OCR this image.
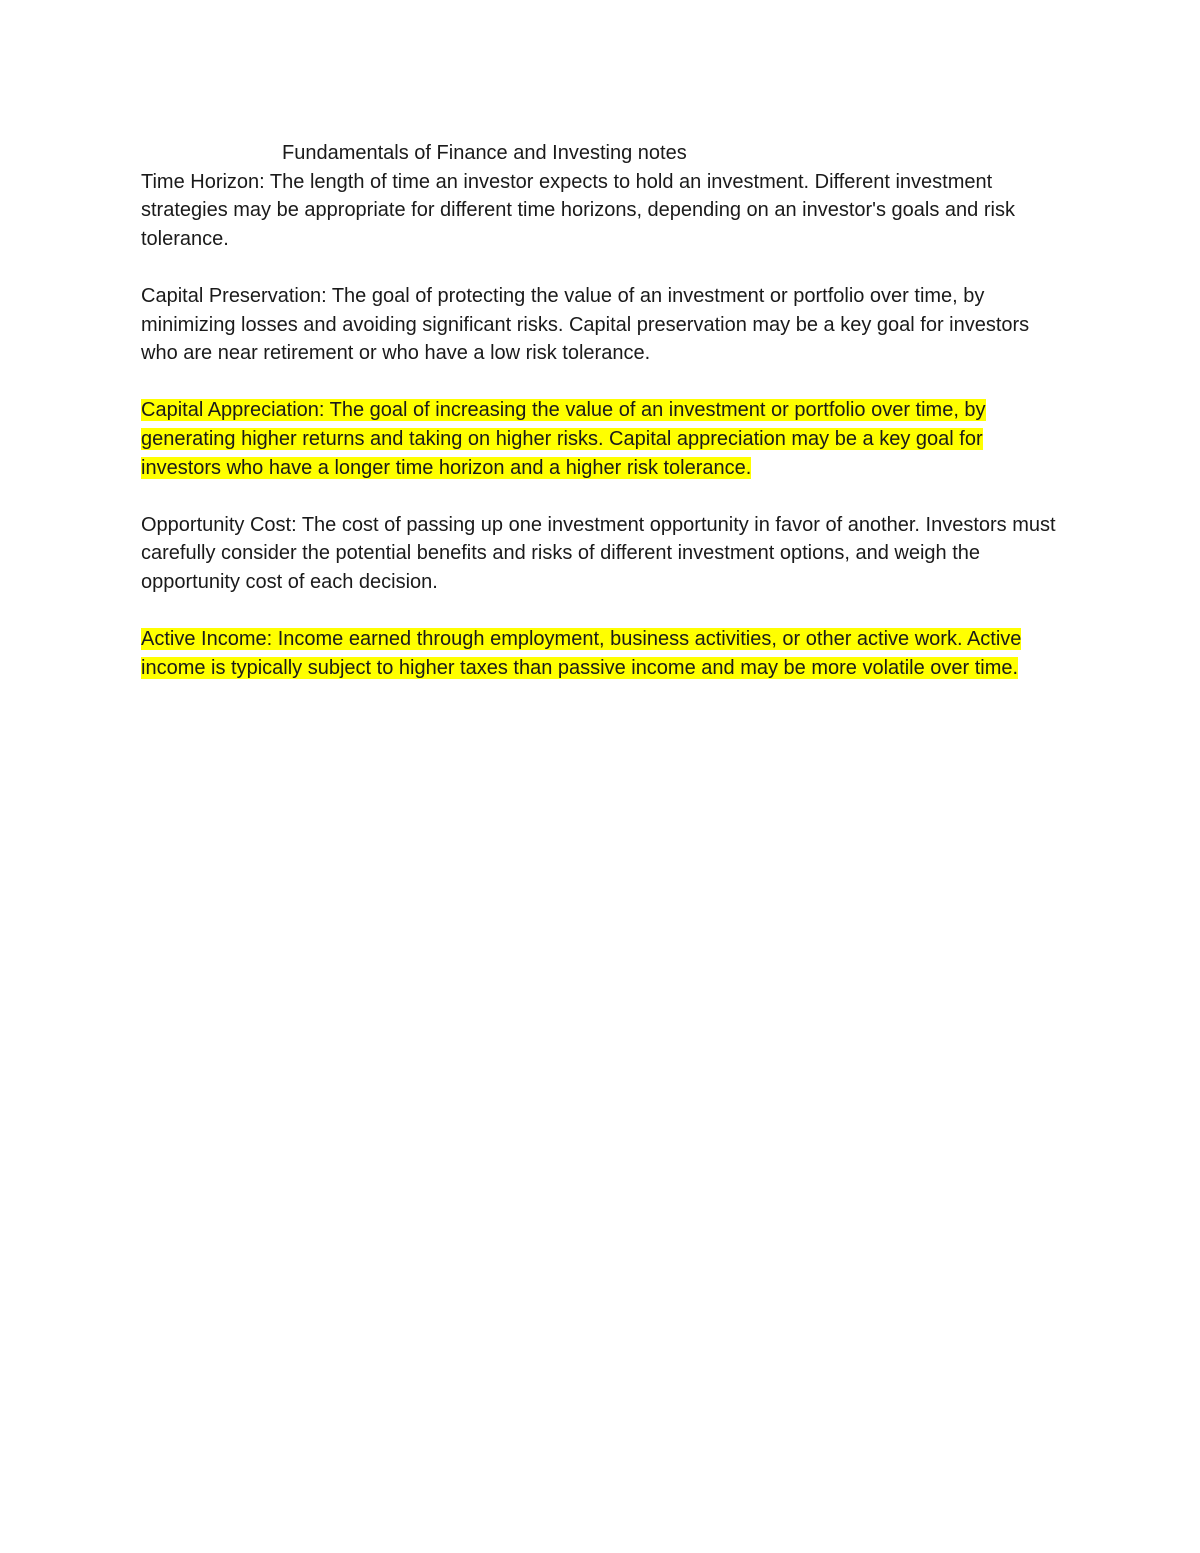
Fundamentals of Finance and Investing notes

Time Horizon: The length of time an investor expects to hold an investment. Different investment strategies may be appropriate for different time horizons, depending on an investor's goals and risk tolerance.

Capital Preservation: The goal of protecting the value of an investment or portfolio over time, by minimizing losses and avoiding significant risks. Capital preservation may be a key goal for investors who are near retirement or who have a low risk tolerance.

Capital Appreciation: The goal of increasing the value of an investment or portfolio over time, by generating higher returns and taking on higher risks. Capital appreciation may be a key goal for investors who have a longer time horizon and a higher risk tolerance.

Opportunity Cost: The cost of passing up one investment opportunity in favor of another. Investors must carefully consider the potential benefits and risks of different investment options, and weigh the opportunity cost of each decision.

Active Income: Income earned through employment, business activities, or other active work. Active income is typically subject to higher taxes than passive income and may be more volatile over time.
